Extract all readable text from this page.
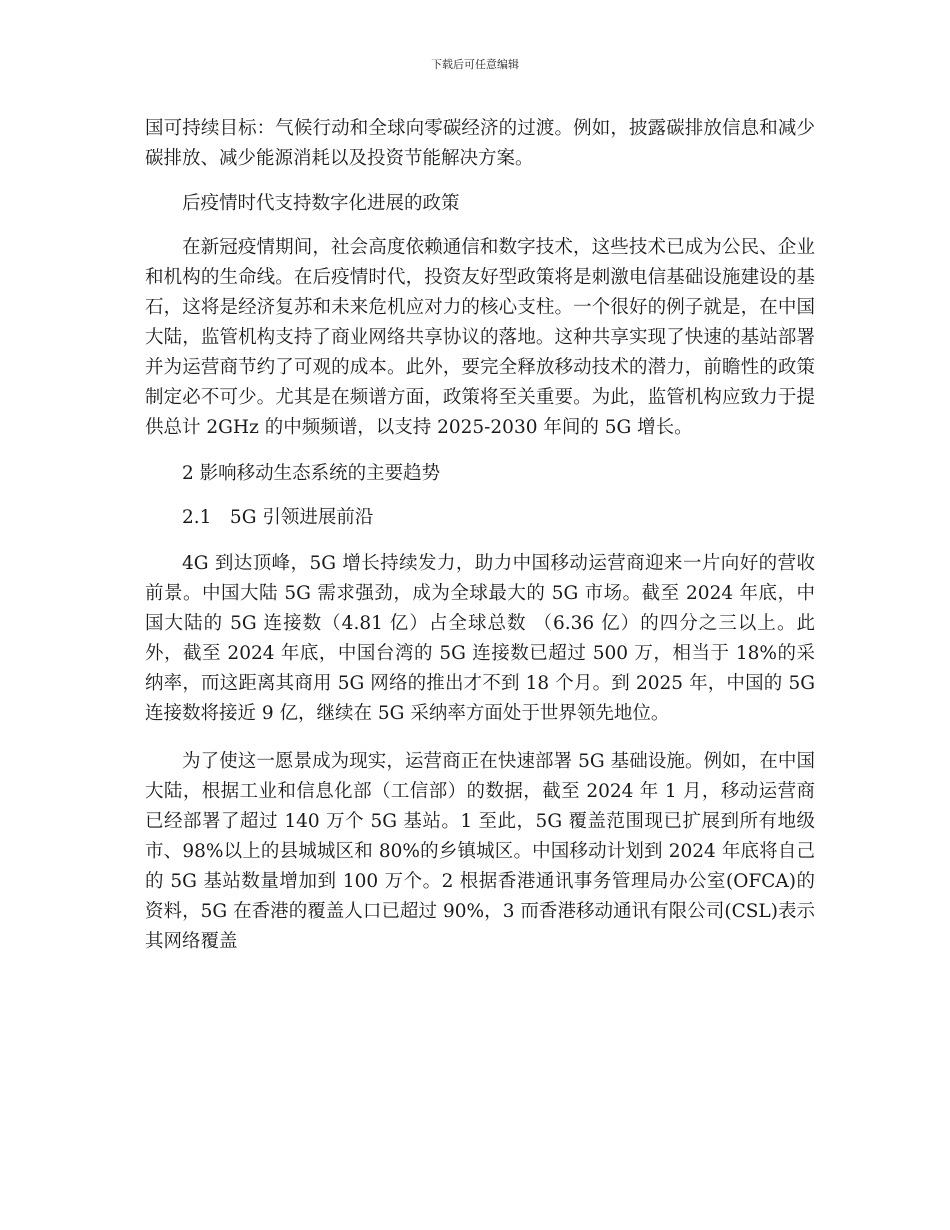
下载后可任意编辑

国可持续目标：气候行动和全球向零碳经济的过渡。例如，披露碳排放信息和减少碳排放、减少能源消耗以及投资节能解决方案。

后疫情时代支持数字化进展的政策

在新冠疫情期间，社会高度依赖通信和数字技术，这些技术已成为公民、企业和机构的生命线。在后疫情时代，投资友好型政策将是刺激电信基础设施建设的基石，这将是经济复苏和未来危机应对力的核心支柱。一个很好的例子就是，在中国大陆，监管机构支持了商业网络共享协议的落地。这种共享实现了快速的基站部署并为运营商节约了可观的成本。此外，要完全释放移动技术的潜力，前瞻性的政策制定必不可少。尤其是在频谱方面，政策将至关重要。为此，监管机构应致力于提供总计 2GHz 的中频频谱，以支持 2025-2030 年间的 5G 增长。

2 影响移动生态系统的主要趋势

2.1　5G 引领进展前沿

4G 到达顶峰，5G 增长持续发力，助力中国移动运营商迎来一片向好的营收前景。中国大陆 5G 需求强劲，成为全球最大的 5G 市场。截至 2024 年底，中国大陆的 5G 连接数（4.81 亿）占全球总数 （6.36 亿）的四分之三以上。此外，截至 2024 年底，中国台湾的 5G 连接数已超过 500 万，相当于 18%的采纳率，而这距离其商用 5G 网络的推出才不到 18 个月。到 2025 年，中国的 5G 连接数将接近 9 亿，继续在 5G 采纳率方面处于世界领先地位。

为了使这一愿景成为现实，运营商正在快速部署 5G 基础设施。例如，在中国大陆，根据工业和信息化部（工信部）的数据，截至 2024 年 1 月，移动运营商已经部署了超过 140 万个 5G 基站。1 至此，5G 覆盖范围现已扩展到所有地级市、98%以上的县城城区和 80%的乡镇城区。中国移动计划到 2024 年底将自己的 5G 基站数量增加到 100 万个。2 根据香港通讯事务管理局办公室(OFCA)的资料，5G 在香港的覆盖人口已超过 90%，3 而香港移动通讯有限公司(CSL)表示其网络覆盖
